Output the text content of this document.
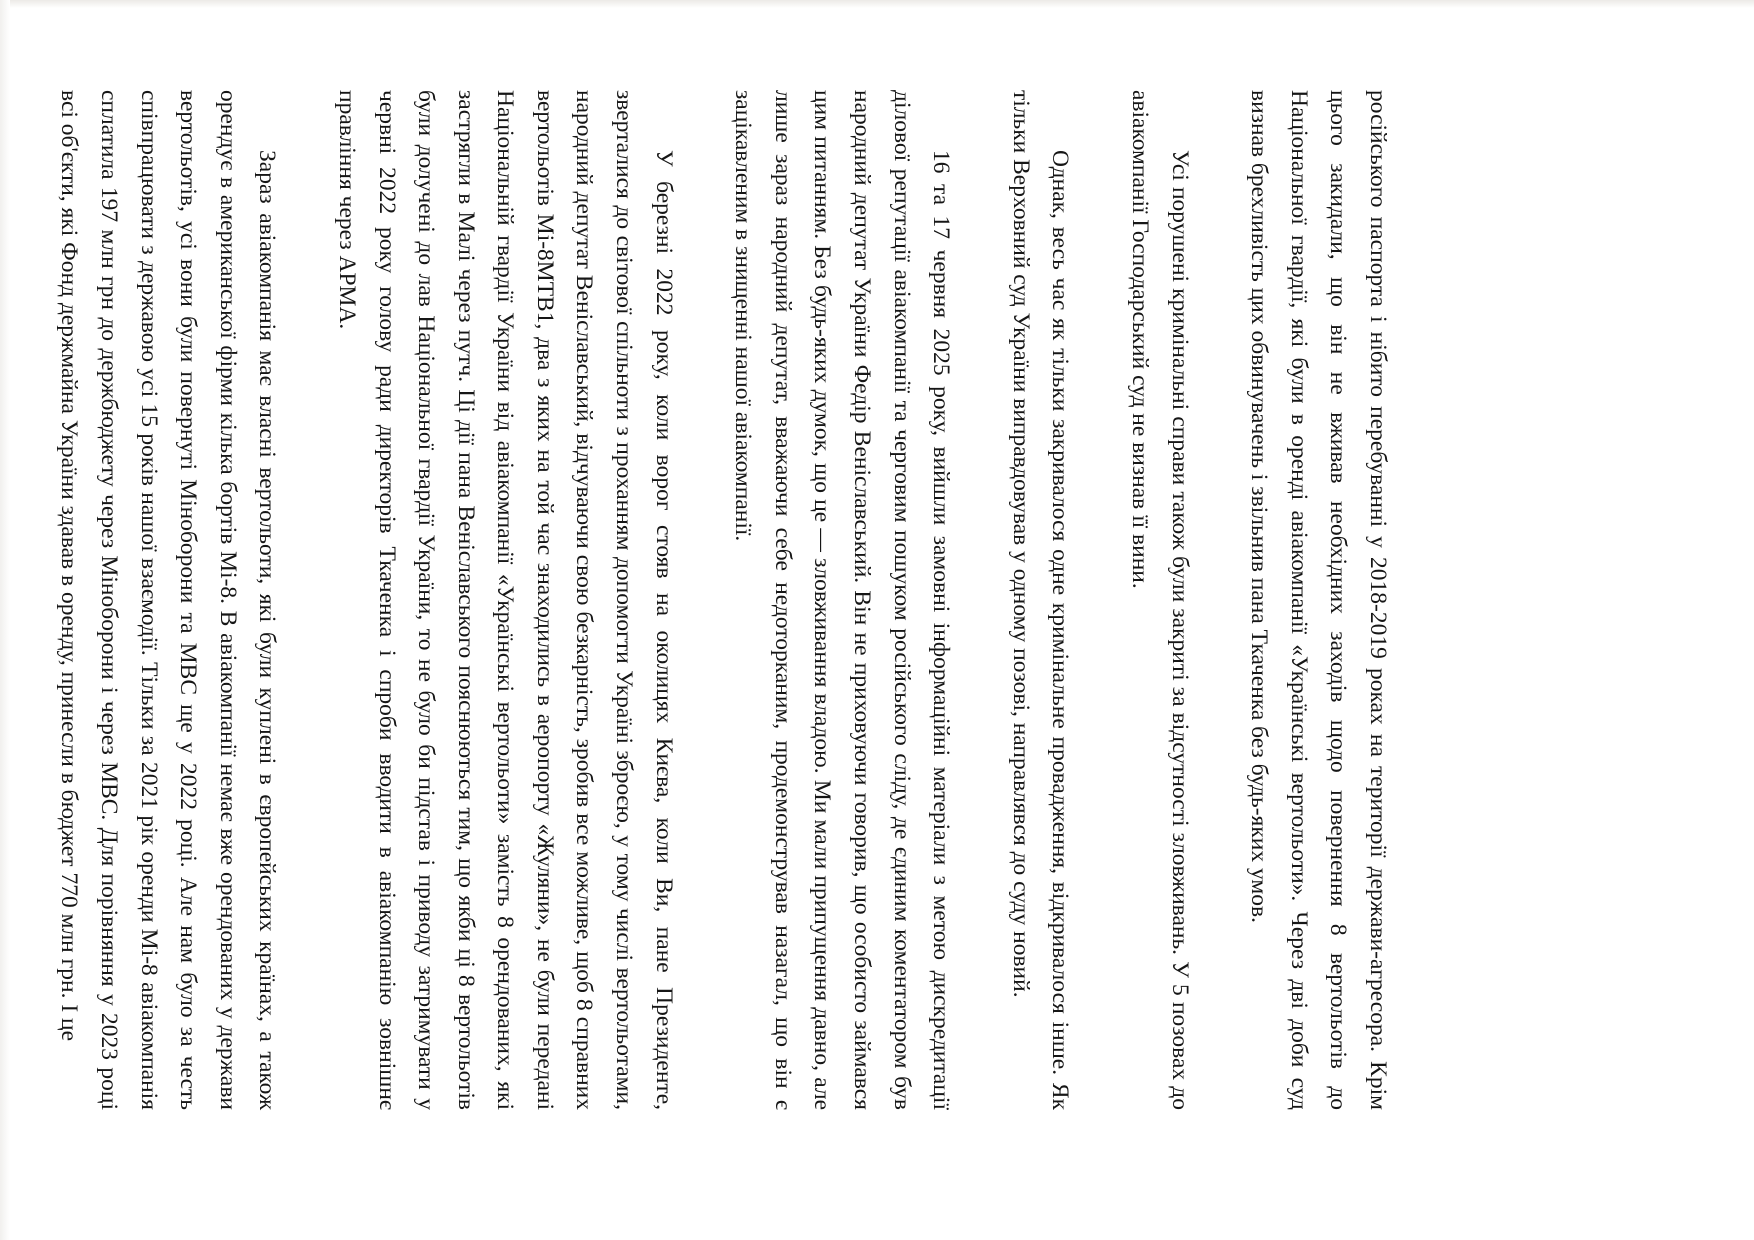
російського паспорта і нібито перебуванні у 2018-2019 роках на території держави-агресора. Крім цього закидали, що він не вживав необхідних заходів щодо повернення 8 вертольотів до Національної гвардії, які були в оренді авіакомпанії «Українські вертольоти». Через дві доби суд визнав брехливість цих обвинувачень і звільнив пана Ткаченка без будь-яких умов.

Усі порушені кримінальні справи також були закриті за відсутності зловживань. У 5 позовах до авіакомпанії Господарський суд не визнав її вини.

Однак, весь час як тільки закривалося одне кримінальне провадження, відкривалося інше. Як тільки Верховний суд України виправдовував у одному позові, направлявся до суду новий.

16 та 17 червня 2025 року, вийшли замовні інформаційні матеріали з метою дискредитації ділової репутації авіакомпанії та черговим пошуком російського сліду, де єдиним коментатором був народний депутат України Федір Веніславський. Він не приховуючи говорив, що особисто займався цим питанням. Без будь-яких думок, що це — зловживання владою. Ми мали припущення давно, але лише зараз народний депутат, вважаючи себе недоторканим, продемонстрував назагал, що він є зацікавленим в знищенні нашої авіакомпанії.

У березні 2022 року, коли ворог стояв на околицях Києва, коли Ви, пане Президенте, зверталися до світової спільноти з проханням допомогти Україні зброєю, у тому числі вертольотами, народний депутат Веніславський, відчуваючи свою безкарність, зробив все можливе, щоб 8 справних вертольотів Мі-8МТВ1, два з яких на той час знаходились в аеропорту «Жуляни», не були передані Національній гвардії України від авіакомпанії «Українські вертольоти» замість 8 орендованих, які застрягли в Малі через путч. Ці дії пана Веніславського пояснюються тим, що якби ці 8 вертольотів були долучені до лав Національної гвардії України, то не було би підстав і приводу затримувати у червні 2022 року голову ради директорів Ткаченка і спроби вводити в авіакомпанію зовнішнє правління через АРМА.

Зараз авіакомпанія має власні вертольоти, які були куплені в європейських країнах, а також орендує в американської фірми кілька бортів Мі-8. В авіакомпанії немає вже орендованих у держави вертольотів, усі вони були повернуті Міноборони та МВС ще у 2022 році. Але нам було за честь співпрацювати з державою усі 15 років нашої взаємодії. Тільки за 2021 рік оренди Мі-8 авіакомпанія сплатила 197 млн грн до держбюджету через Міноборони і через МВС. Для порівняння у 2023 році всі об'єкти, які Фонд держмайна України здавав в оренду, принесли в бюджет 770 млн грн. І це
